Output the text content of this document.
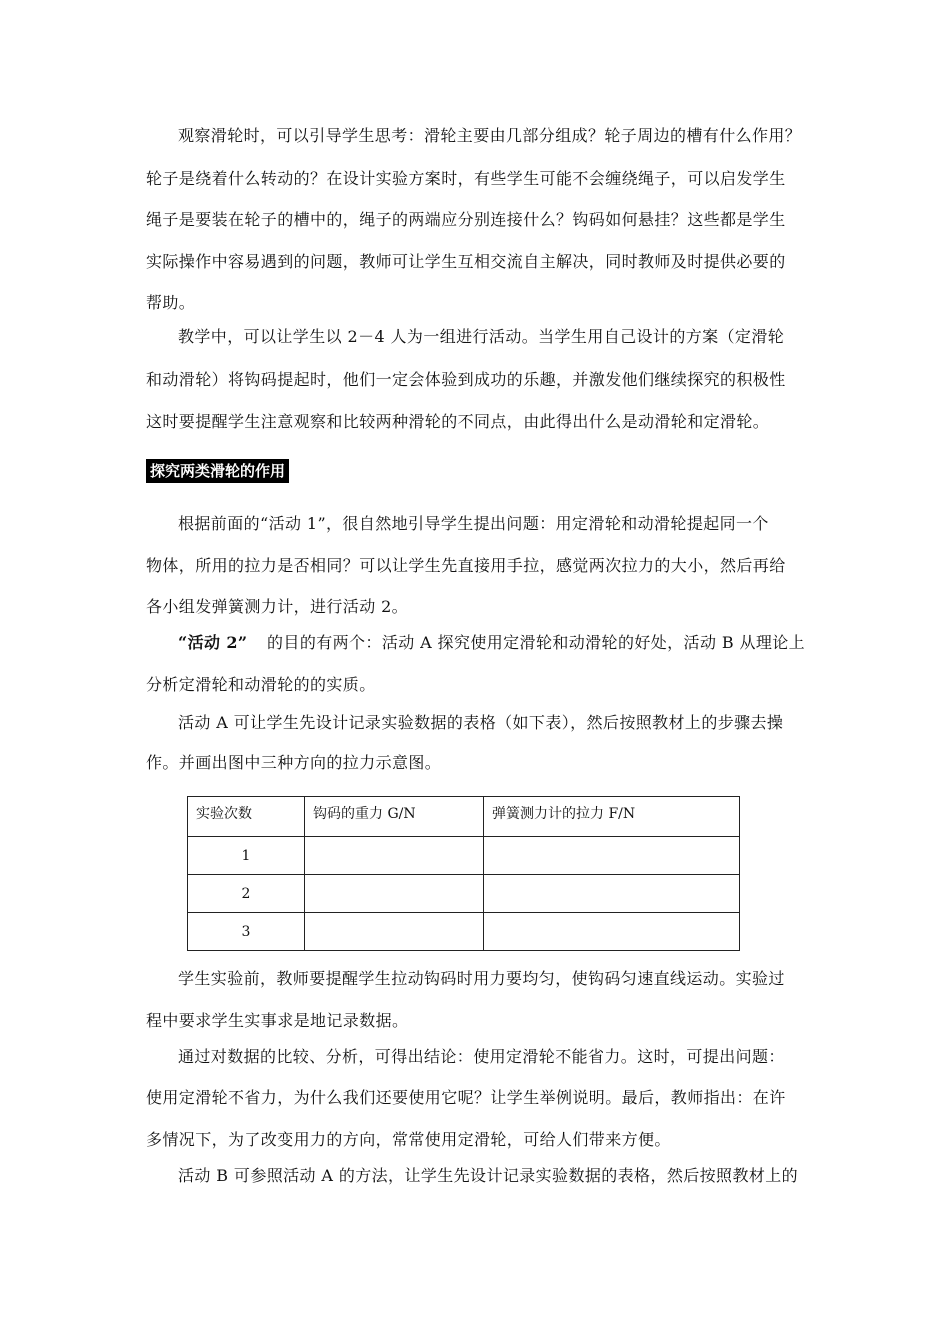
观察滑轮时，可以引导学生思考：滑轮主要由几部分组成？轮子周边的槽有什么作用？
轮子是绕着什么转动的？在设计实验方案时，有些学生可能不会缠绕绳子，可以启发学生
绳子是要装在轮子的槽中的，绳子的两端应分别连接什么？钩码如何悬挂？这些都是学生
实际操作中容易遇到的问题，教师可让学生互相交流自主解决，同时教师及时提供必要的
帮助。
教学中，可以让学生以 2－4 人为一组进行活动。当学生用自己设计的方案（定滑轮
和动滑轮）将钩码提起时，他们一定会体验到成功的乐趣，并激发他们继续探究的积极性
这时要提醒学生注意观察和比较两种滑轮的不同点，由此得出什么是动滑轮和定滑轮。
探究两类滑轮的作用
根据前面的“活动 1”，很自然地引导学生提出问题：用定滑轮和动滑轮提起同一个
物体，所用的拉力是否相同？可以让学生先直接用手拉，感觉两次拉力的大小，然后再给
各小组发弹簧测力计，进行活动 2。
“活动 2” 的目的有两个：活动 A 探究使用定滑轮和动滑轮的好处，活动 B 从理论上
分析定滑轮和动滑轮的的实质。
活动 A 可让学生先设计记录实验数据的表格（如下表），然后按照教材上的步骤去操
作。并画出图中三种方向的拉力示意图。
实验次数	钩码的重力 G/N	弹簧测力计的拉力 F/N
1		
2		
3		
学生实验前，教师要提醒学生拉动钩码时用力要均匀，使钩码匀速直线运动。实验过
程中要求学生实事求是地记录数据。
通过对数据的比较、分析，可得出结论：使用定滑轮不能省力。这时，可提出问题：
使用定滑轮不省力，为什么我们还要使用它呢？让学生举例说明。最后，教师指出：在许
多情况下，为了改变用力的方向，常常使用定滑轮，可给人们带来方便。
活动 B 可参照活动 A 的方法，让学生先设计记录实验数据的表格，然后按照教材上的
